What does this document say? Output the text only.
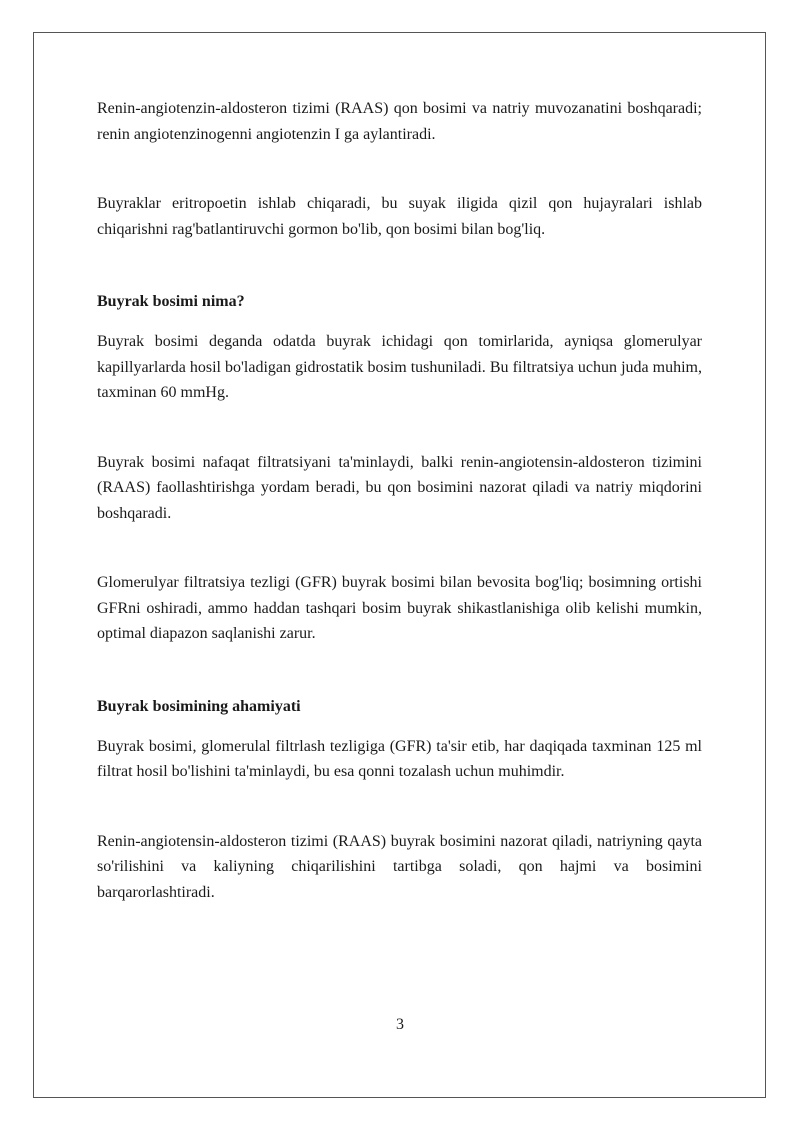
Renin-angiotenzin-aldosteron tizimi (RAAS) qon bosimi va natriy muvozanatini boshqaradi; renin angiotenzinogenni angiotenzin I ga aylantiradi.

Buyraklar eritropoetin ishlab chiqaradi, bu suyak iligida qizil qon hujayralari ishlab chiqarishni rag'batlantiruvchi gormon bo'lib, qon bosimi bilan bog'liq.

Buyrak bosimi nima?

Buyrak bosimi deganda odatda buyrak ichidagi qon tomirlarida, ayniqsa glomerulyar kapillyarlarda hosil bo'ladigan gidrostatik bosim tushuniladi. Bu filtratsiya uchun juda muhim, taxminan 60 mmHg.

Buyrak bosimi nafaqat filtratsiyani ta'minlaydi, balki renin-angiotensin-aldosteron tizimini (RAAS) faollashtirishga yordam beradi, bu qon bosimini nazorat qiladi va natriy miqdorini boshqaradi.

Glomerulyar filtratsiya tezligi (GFR) buyrak bosimi bilan bevosita bog'liq; bosimning ortishi GFRni oshiradi, ammo haddan tashqari bosim buyrak shikastlanishiga olib kelishi mumkin, optimal diapazon saqlanishi zarur.

Buyrak bosimining ahamiyati

Buyrak bosimi, glomerulal filtrlash tezligiga (GFR) ta'sir etib, har daqiqada taxminan 125 ml filtrat hosil bo'lishini ta'minlaydi, bu esa qonni tozalash uchun muhimdir.

Renin-angiotensin-aldosteron tizimi (RAAS) buyrak bosimini nazorat qiladi, natriyning qayta so'rilishini va kaliyning chiqarilishini tartibga soladi, qon hajmi va bosimini barqarorlashtiradi.

3
